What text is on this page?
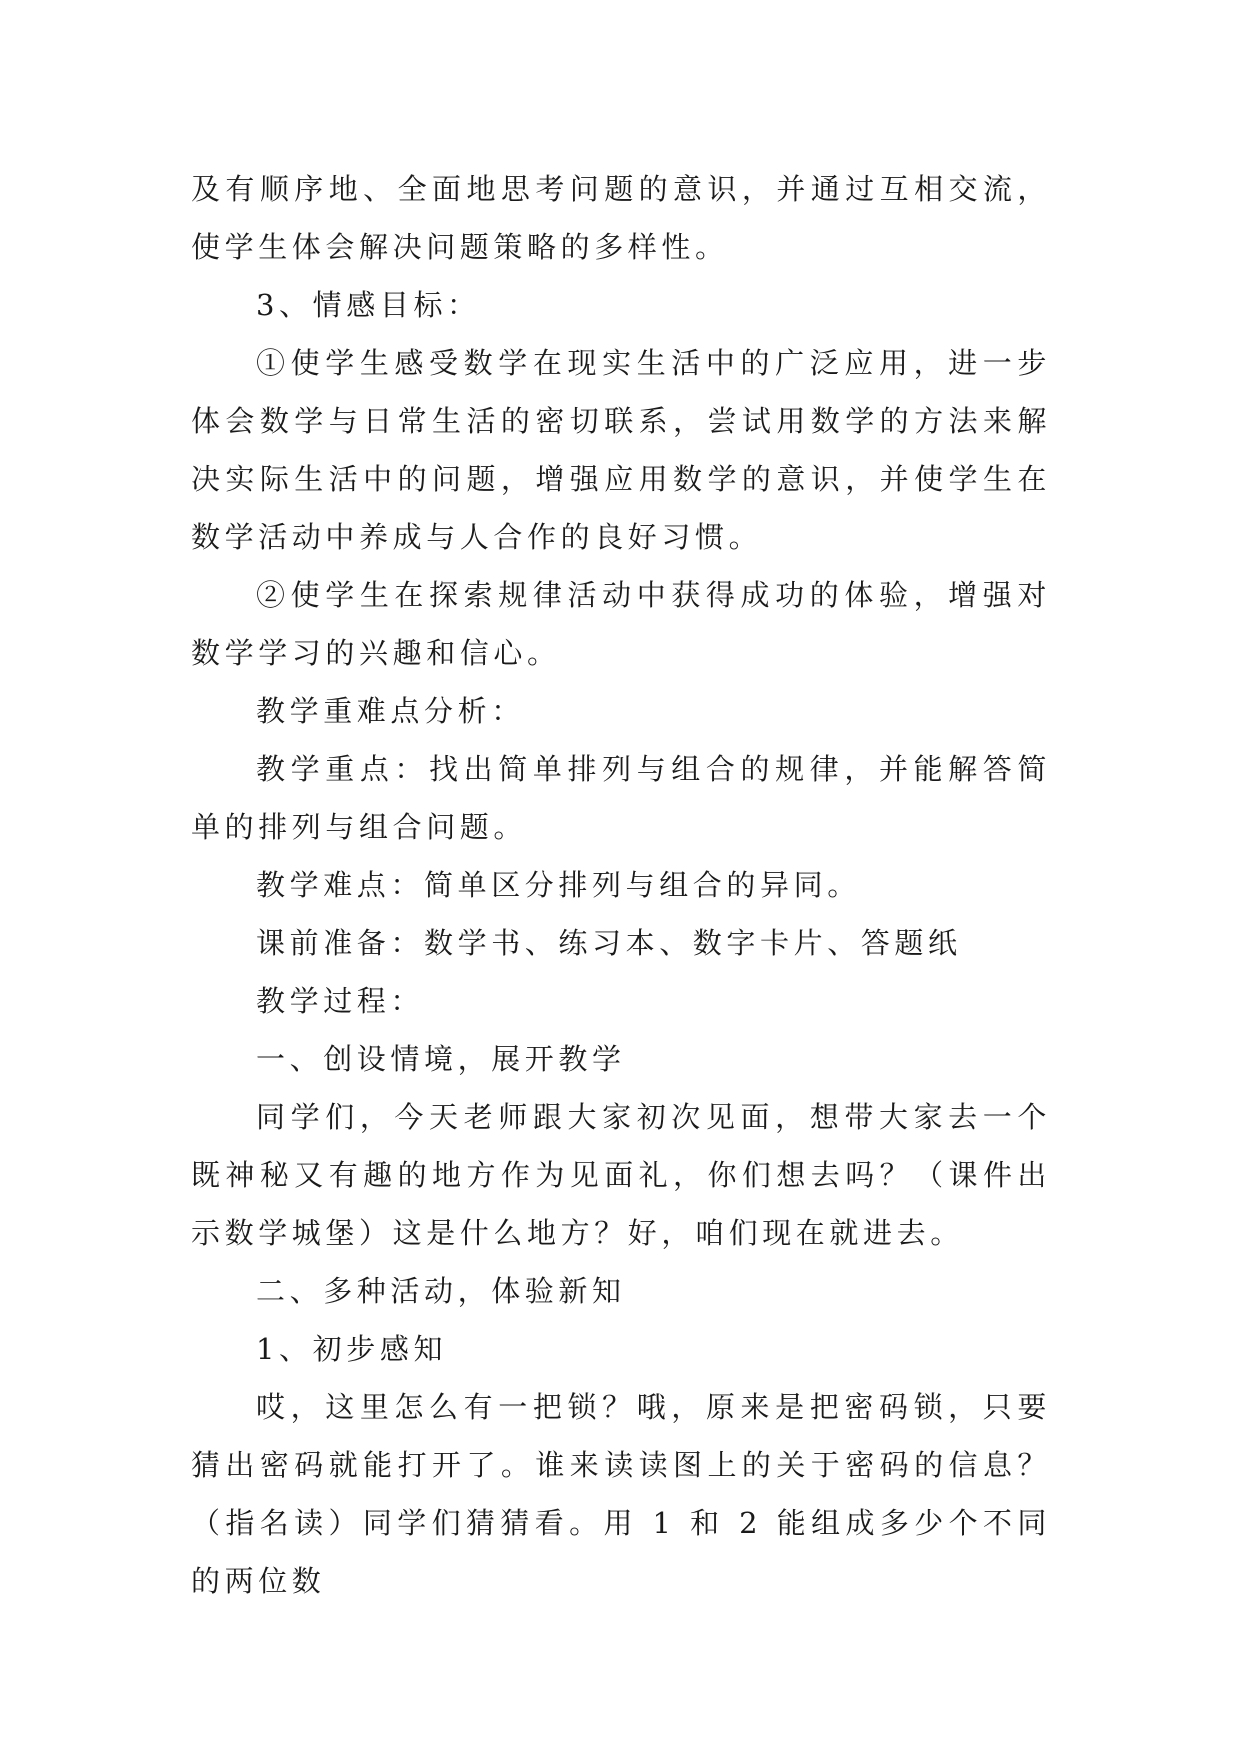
及有顺序地、全面地思考问题的意识，并通过互相交流，使学生体会解决问题策略的多样性。

3、情感目标：

①使学生感受数学在现实生活中的广泛应用，进一步体会数学与日常生活的密切联系，尝试用数学的方法来解决实际生活中的问题，增强应用数学的意识，并使学生在数学活动中养成与人合作的良好习惯。

②使学生在探索规律活动中获得成功的体验，增强对数学学习的兴趣和信心。

教学重难点分析：

教学重点：找出简单排列与组合的规律，并能解答简单的排列与组合问题。

教学难点：简单区分排列与组合的异同。

课前准备：数学书、练习本、数字卡片、答题纸

教学过程：

一、创设情境，展开教学

同学们，今天老师跟大家初次见面，想带大家去一个既神秘又有趣的地方作为见面礼，你们想去吗？（课件出示数学城堡）这是什么地方？好，咱们现在就进去。

二、多种活动，体验新知

1、初步感知

哎，这里怎么有一把锁？哦，原来是把密码锁，只要猜出密码就能打开了。谁来读读图上的关于密码的信息？（指名读）同学们猜猜看。用 1 和 2 能组成多少个不同的两位数
